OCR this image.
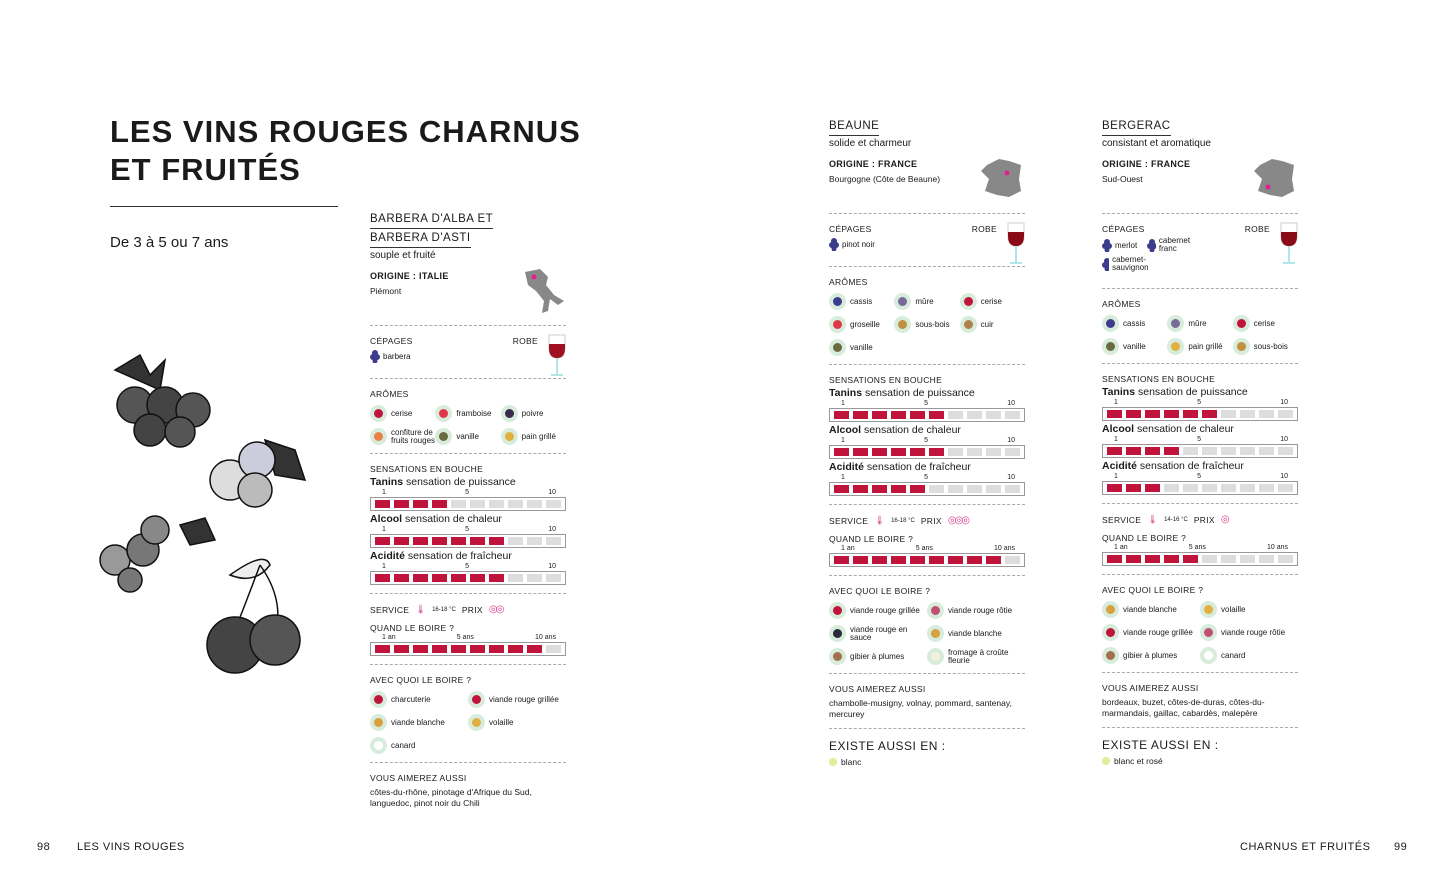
LES VINS ROUGES CHARNUS
ET FRUITÉS
De 3 à 5 ou 7 ans
BARBERA D'ALBA ET
BARBERA D'ASTI
souple et fruité
ORIGINE : ITALIE
Piémont
CÉPAGES
barbera
ROBE
ARÔMES
cerise	framboise	poivre
confiture de fruits rouges	vanille	pain grillé
SENSATIONS EN BOUCHE
Tanins sensation de puissance
1	5	10
Alcool sensation de chaleur
1	5	10
Acidité sensation de fraîcheur
1	5	10
SERVICE 🌡 16-18 °C PRIX ◎◎
QUAND LE BOIRE ?
1 an	5 ans	10 ans
AVEC QUOI LE BOIRE ?
charcuterie	viande rouge grillée
viande blanche	volaille
canard
VOUS AIMEREZ AUSSI
côtes-du-rhône, pinotage d'Afrique du Sud, languedoc, pinot noir du Chili
BEAUNE
solide et charmeur
ORIGINE : FRANCE
Bourgogne (Côte de Beaune)
CÉPAGES
pinot noir
ROBE
ARÔMES
cassis	mûre	cerise
groseille	sous-bois	cuir
vanille
SENSATIONS EN BOUCHE
Tanins sensation de puissance
1	5	10
Alcool sensation de chaleur
1	5	10
Acidité sensation de fraîcheur
1	5	10
SERVICE 🌡 16-18 °C PRIX ◎◎◎
QUAND LE BOIRE ?
1 an	5 ans	10 ans
AVEC QUOI LE BOIRE ?
viande rouge grillée	viande rouge rôtie
viande rouge en sauce	viande blanche
gibier à plumes	fromage à croûte fleurie
VOUS AIMEREZ AUSSI
chambolle-musigny, volnay, pommard, santenay, mercurey
EXISTE AUSSI EN :
blanc
BERGERAC
consistant et aromatique
ORIGINE : FRANCE
Sud-Ouest
CÉPAGES
merlot	cabernet franc
cabernet-sauvignon
ROBE
ARÔMES
cassis	mûre	cerise
vanille	pain grillé	sous-bois
SENSATIONS EN BOUCHE
Tanins sensation de puissance
1	5	10
Alcool sensation de chaleur
1	5	10
Acidité sensation de fraîcheur
1	5	10
SERVICE 🌡 14-16 °C PRIX ◎
QUAND LE BOIRE ?
1 an	5 ans	10 ans
AVEC QUOI LE BOIRE ?
viande blanche	volaille
viande rouge grillée	viande rouge rôtie
gibier à plumes	canard
VOUS AIMEREZ AUSSI
bordeaux, buzet, côtes-de-duras, côtes-du-marmandais, gaillac, cabardès, malepère
EXISTE AUSSI EN :
blanc et rosé
98 LES VINS ROUGES	CHARNUS ET FRUITÉS 99
